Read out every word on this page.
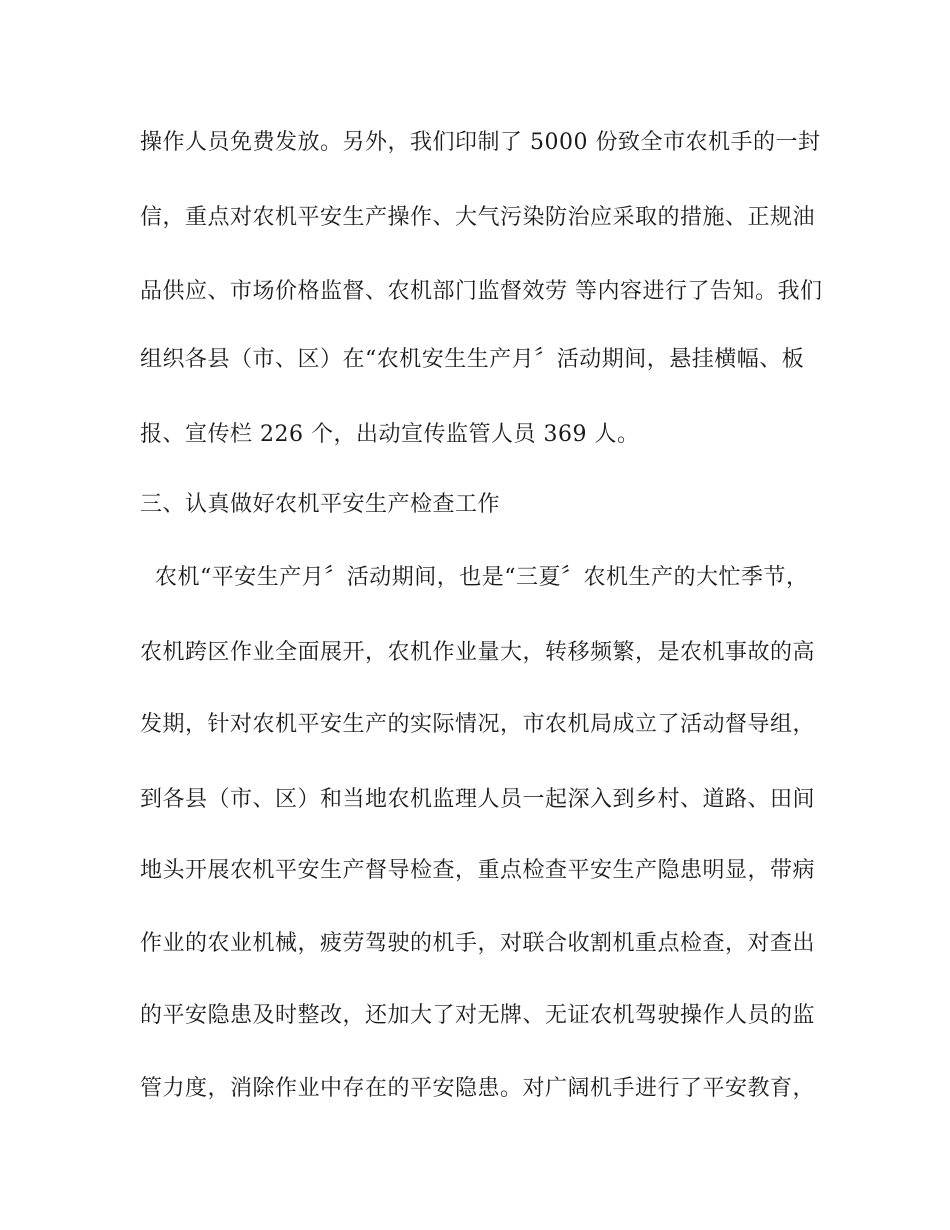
操作人员免费发放。另外，我们印制了 5000 份致全市农机手的一封
信，重点对农机平安生产操作、大气污染防治应采取的措施、正规油
品供应、市场价格监督、农机部门监督效劳 等内容进行了告知。我们
组织各县（市、区）在“农机安生生产月〞活动期间，悬挂横幅、板
报、宣传栏 226 个，出动宣传监管人员 369 人。
三、认真做好农机平安生产检查工作
农机“平安生产月〞活动期间，也是“三夏〞农机生产的大忙季节，
农机跨区作业全面展开，农机作业量大，转移频繁，是农机事故的高
发期，针对农机平安生产的实际情况，市农机局成立了活动督导组，
到各县（市、区）和当地农机监理人员一起深入到乡村、道路、田间
地头开展农机平安生产督导检查，重点检查平安生产隐患明显，带病
作业的农业机械，疲劳驾驶的机手，对联合收割机重点检查，对查出
的平安隐患及时整改，还加大了对无牌、无证农机驾驶操作人员的监
管力度，消除作业中存在的平安隐患。对广阔机手进行了平安教育，
